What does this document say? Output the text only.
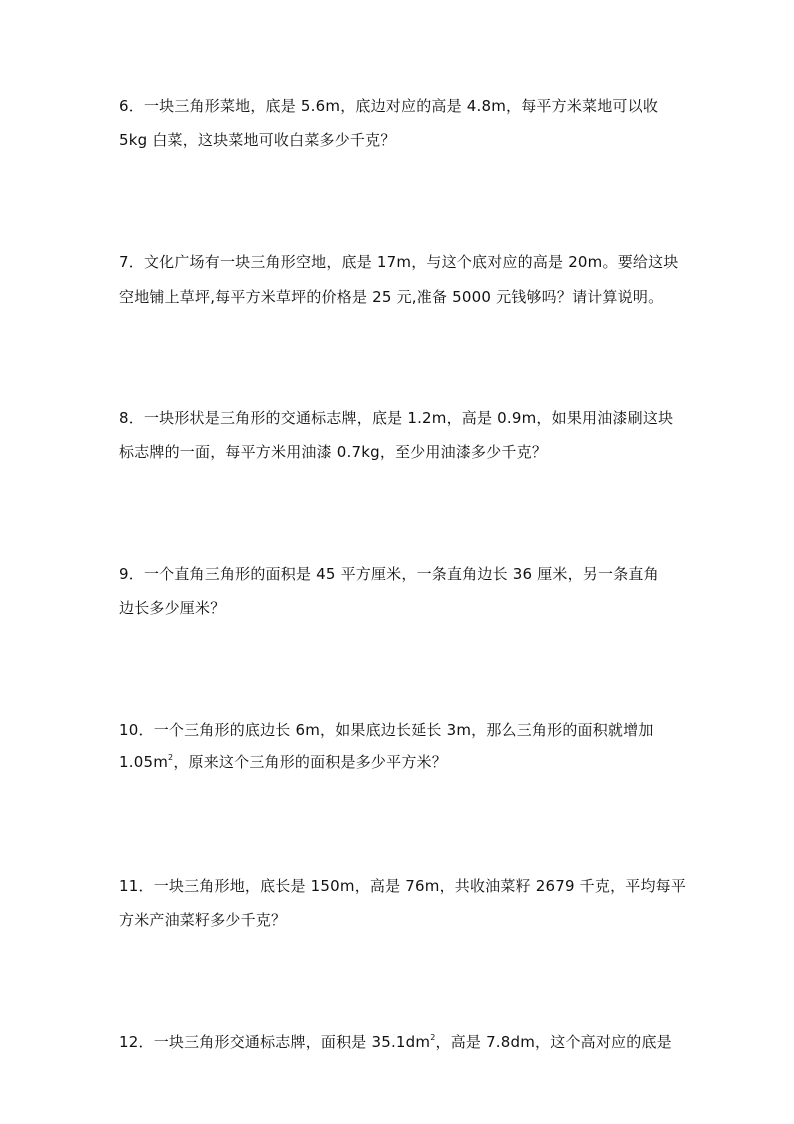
6．一块三角形菜地，底是 5.6m，底边对应的高是 4.8m，每平方米菜地可以收
5kg 白菜，这块菜地可收白菜多少千克？
7．文化广场有一块三角形空地，底是 17m，与这个底对应的高是 20m。要给这块
空地铺上草坪,每平方米草坪的价格是 25 元,准备 5000 元钱够吗？请计算说明。
8．一块形状是三角形的交通标志牌，底是 1.2m，高是 0.9m，如果用油漆刷这块
标志牌的一面，每平方米用油漆 0.7kg，至少用油漆多少千克？
9．一个直角三角形的面积是 45 平方厘米，一条直角边长 36 厘米，另一条直角
边长多少厘米？
10．一个三角形的底边长 6m，如果底边长延长 3m，那么三角形的面积就增加
$1.05m^2$，原来这个三角形的面积是多少平方米？
11．一块三角形地，底长是 150m，高是 76m，共收油菜籽 2679 千克，平均每平
方米产油菜籽多少千克？
12．一块三角形交通标志牌，面积是 $35.1dm^2$，高是 7.8dm，这个高对应的底是
